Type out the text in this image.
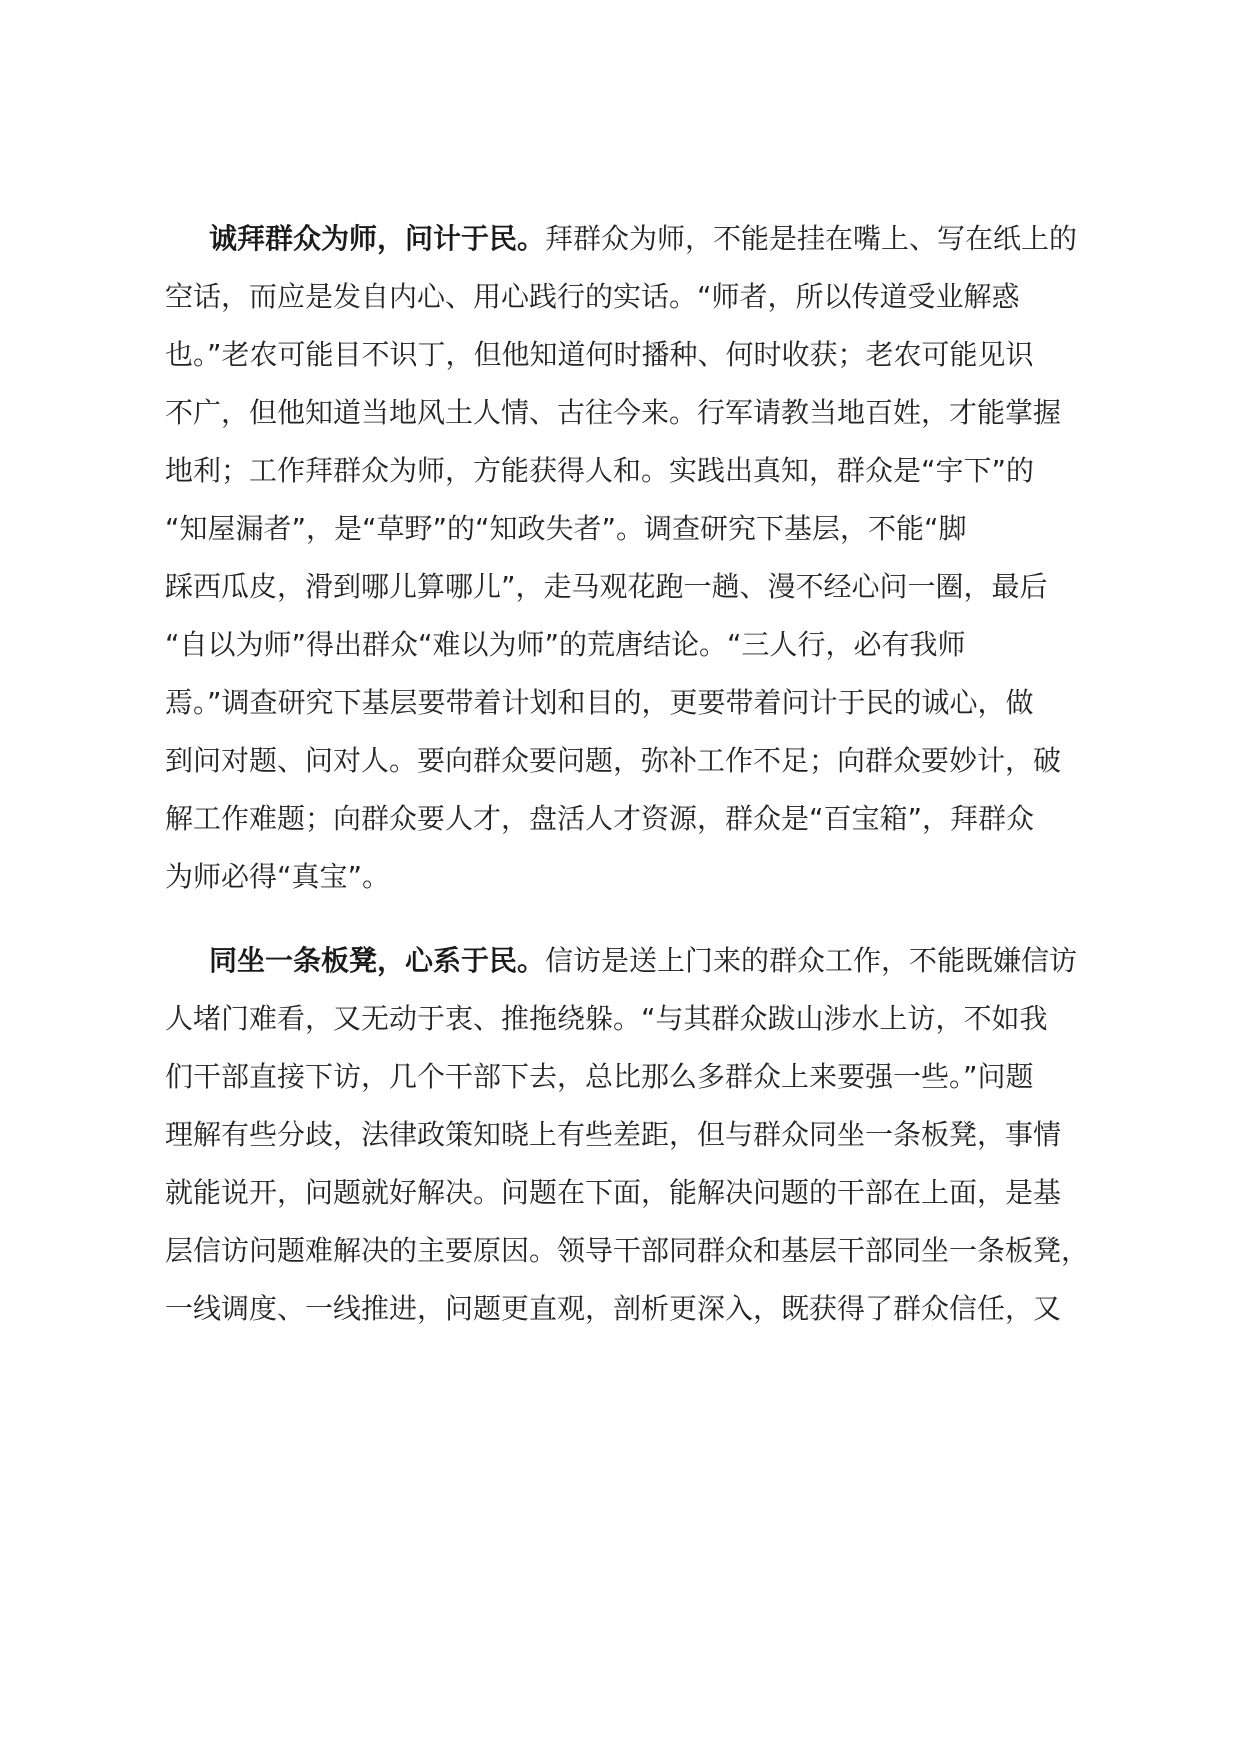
诚拜群众为师，问计于民。拜群众为师，不能是挂在嘴上、写在纸上的
空话，而应是发自内心、用心践行的实话。“师者，所以传道受业解惑
也。”老农可能目不识丁，但他知道何时播种、何时收获；老农可能见识
不广，但他知道当地风土人情、古往今来。行军请教当地百姓，才能掌握
地利；工作拜群众为师，方能获得人和。实践出真知，群众是“宇下”的
“知屋漏者”，是“草野”的“知政失者”。调查研究下基层，不能“脚
踩西瓜皮，滑到哪儿算哪儿”，走马观花跑一趟、漫不经心问一圈，最后
“自以为师”得出群众“难以为师”的荒唐结论。“三人行，必有我师
焉。”调查研究下基层要带着计划和目的，更要带着问计于民的诚心，做
到问对题、问对人。要向群众要问题，弥补工作不足；向群众要妙计，破
解工作难题；向群众要人才，盘活人才资源，群众是“百宝箱”，拜群众
为师必得“真宝”。
同坐一条板凳，心系于民。信访是送上门来的群众工作，不能既嫌信访
人堵门难看，又无动于衷、推拖绕躲。“与其群众跋山涉水上访，不如我
们干部直接下访，几个干部下去，总比那么多群众上来要强一些。”问题
理解有些分歧，法律政策知晓上有些差距，但与群众同坐一条板凳，事情
就能说开，问题就好解决。问题在下面，能解决问题的干部在上面，是基
层信访问题难解决的主要原因。领导干部同群众和基层干部同坐一条板凳，
一线调度、一线推进，问题更直观，剖析更深入，既获得了群众信任，又
